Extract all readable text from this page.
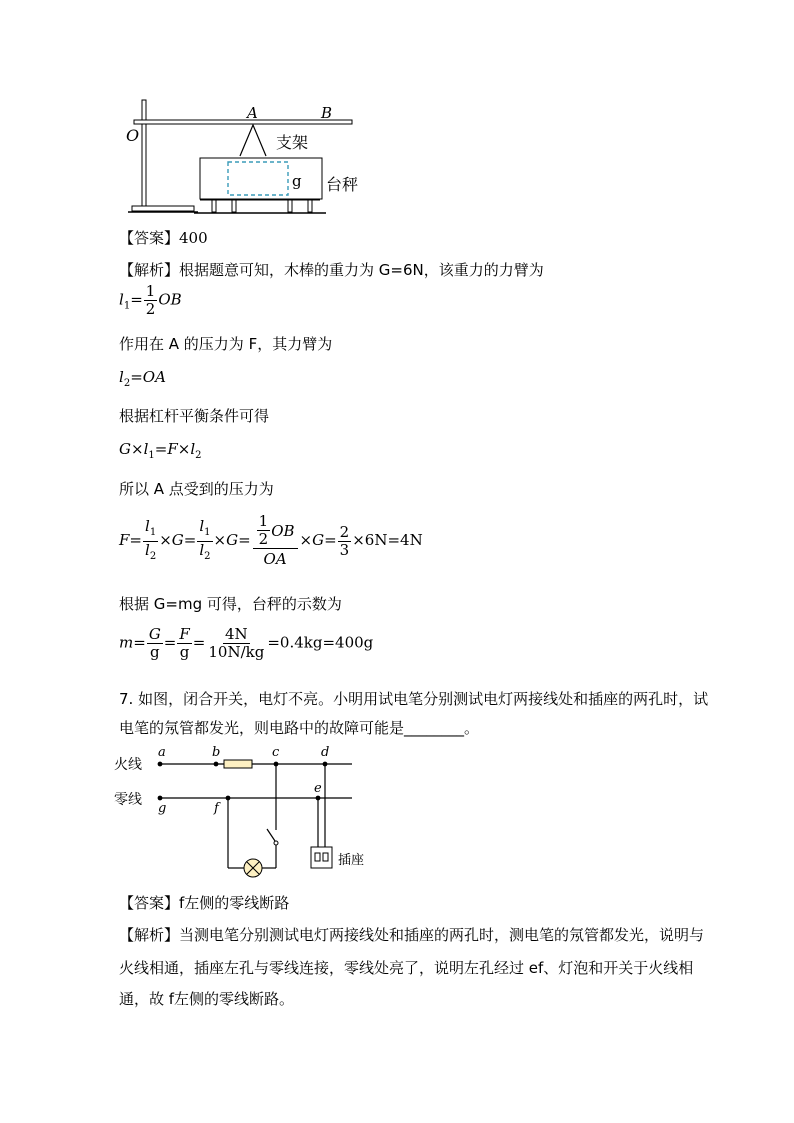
O
A	B
支架
g 台秤
【答案】400
【解析】根据题意可知，木棒的重力为 G=6N，该重力的力臂为
$l_1= \frac{1}{2}$ OB
作用在 A 的压力为 F，其力臂为
$l_2=OA$
根据杠杆平衡条件可得
$G\times l_1=F\times l_2$
所以 A 点受到的压力为
$F= \frac{l_1}{l_2} \times G= \frac{l_1}{l_2} \times G= \frac{\frac{1}{2} OB}{OA} \times G= \frac{2}{3} \times 6N=4N$
根据 G=mg 可得，台秤的示数为
$m= \frac{G}{g} = \frac{F}{g} = \frac{4N}{10N/kg} =0.4kg=400g$
7. 如图，闭合开关，电灯不亮。小明用试电笔分别测试电灯两接线处和插座的两孔时，试
电笔的氖管都发光，则电路中的故障可能是________。
火线
零线
a	b	c	d
e
f
g
插座
【答案】f左侧的零线断路
【解析】当测电笔分别测试电灯两接线处和插座的两孔时，测电笔的氖管都发光，说明与
火线相通，插座左孔与零线连接，零线处亮了，说明左孔经过 ef、灯泡和开关于火线相
通，故 f左侧的零线断路。
